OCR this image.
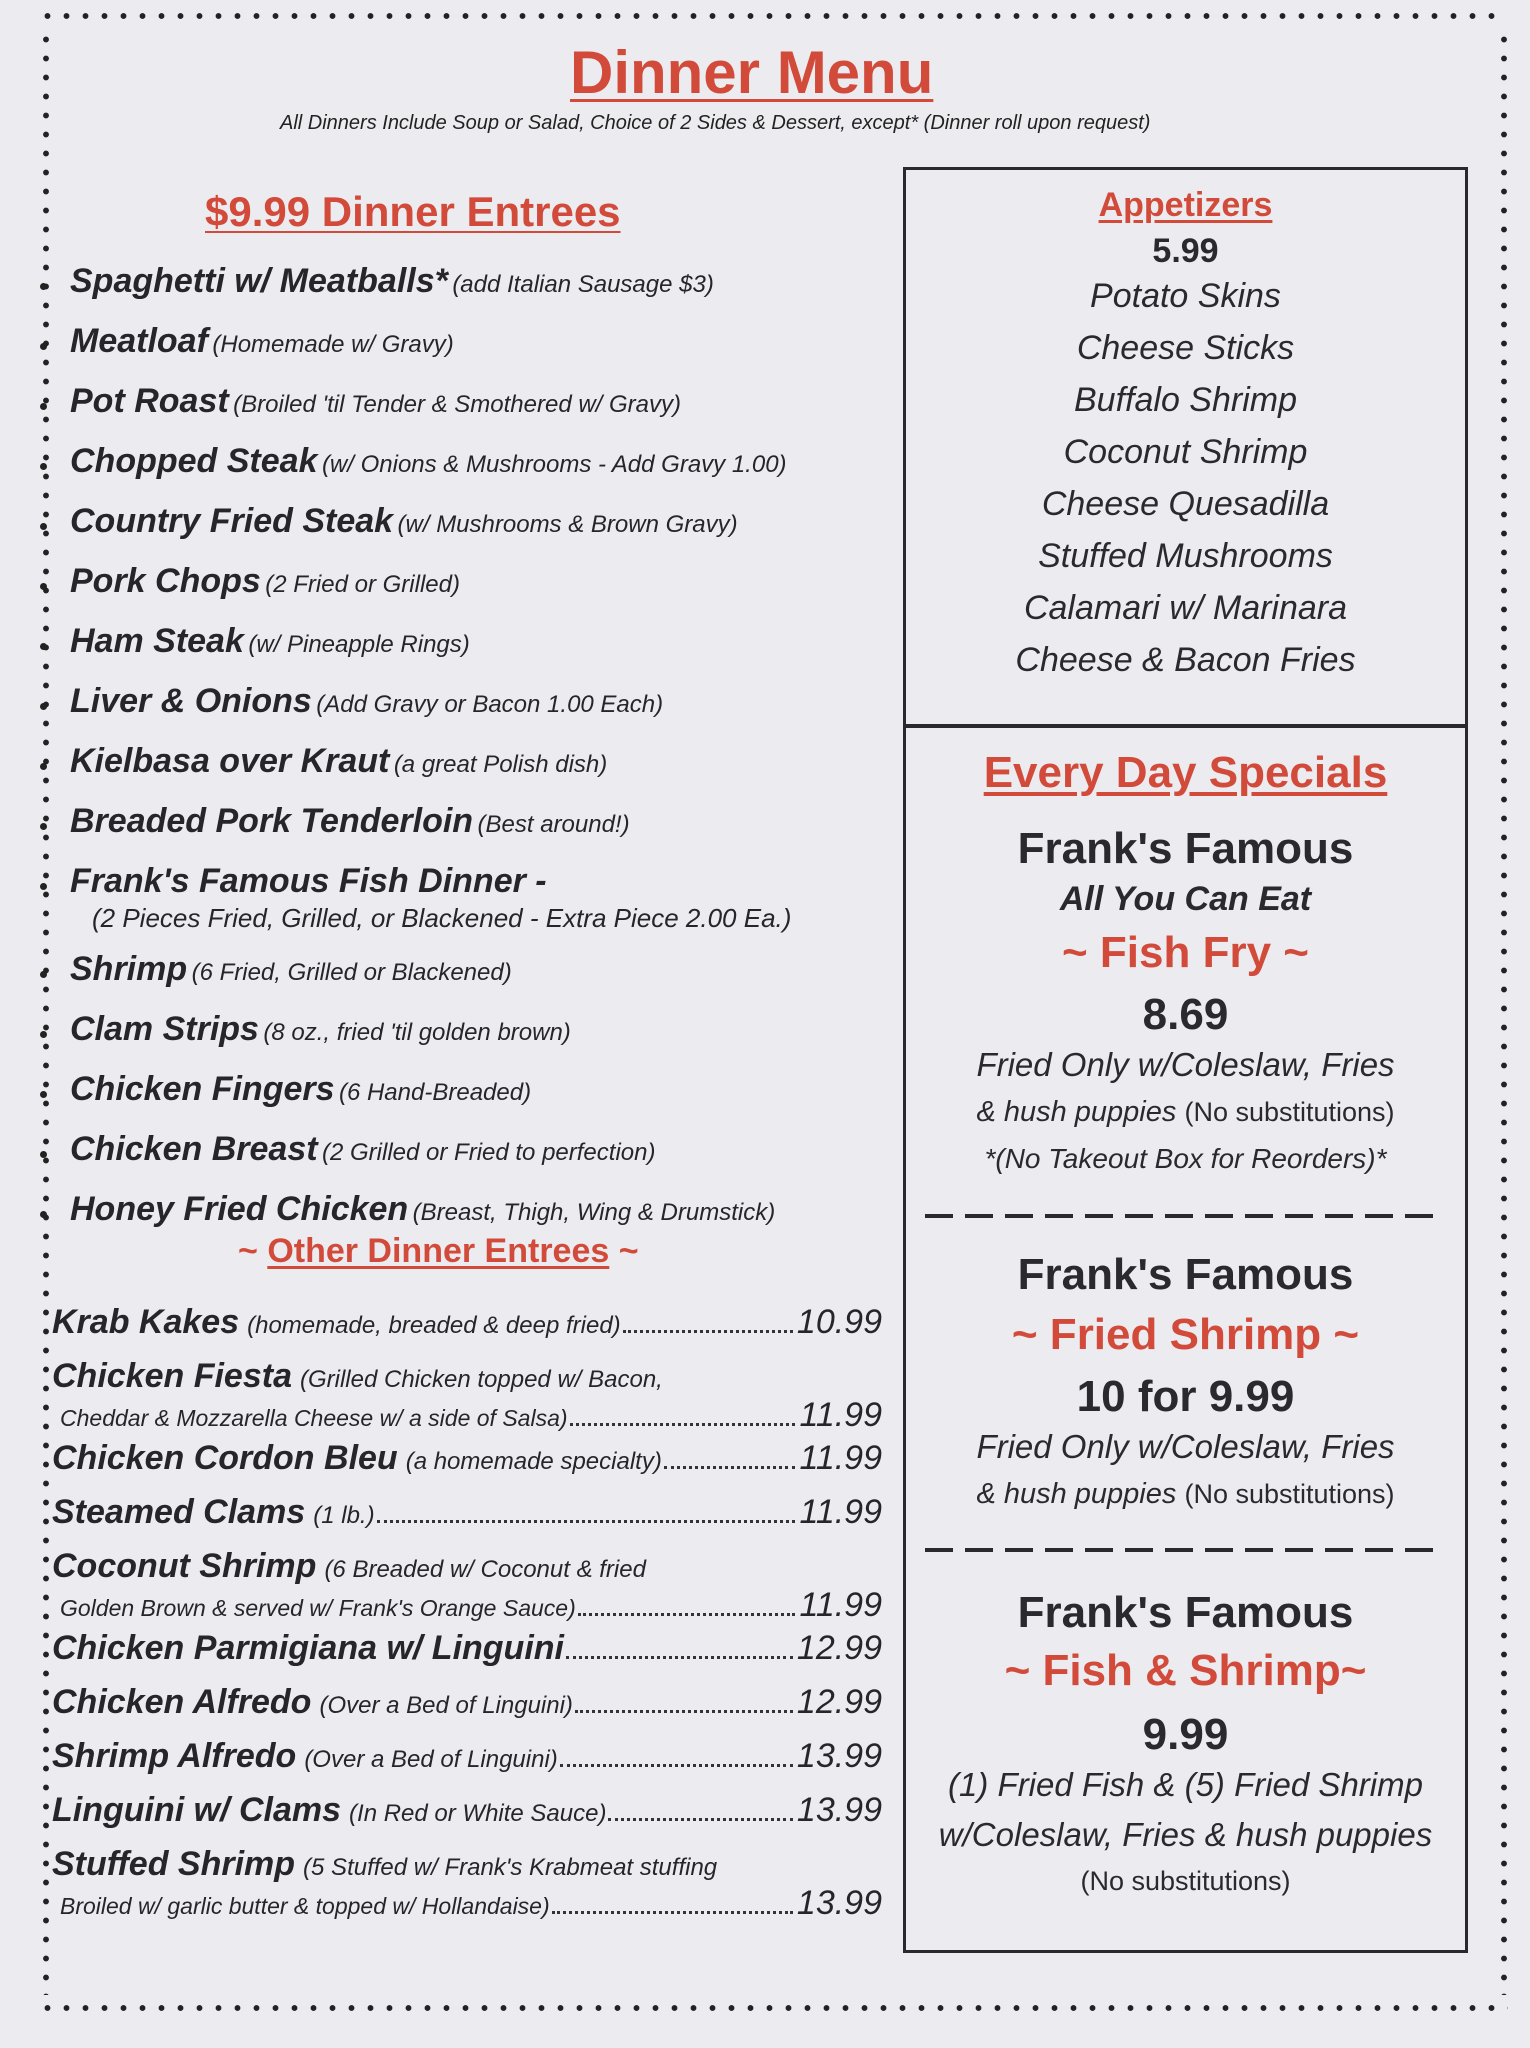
Dinner Menu
All Dinners Include Soup or Salad, Choice of 2 Sides & Dessert, except* (Dinner roll upon request)
$9.99 Dinner Entrees
Spaghetti w/ Meatballs* (add Italian Sausage $3)
Meatloaf (Homemade w/ Gravy)
Pot Roast (Broiled 'til Tender & Smothered w/ Gravy)
Chopped Steak (w/ Onions & Mushrooms - Add Gravy 1.00)
Country Fried Steak (w/ Mushrooms & Brown Gravy)
Pork Chops (2 Fried or Grilled)
Ham Steak (w/ Pineapple Rings)
Liver & Onions (Add Gravy or Bacon 1.00 Each)
Kielbasa over Kraut (a great Polish dish)
Breaded Pork Tenderloin (Best around!)
Frank's Famous Fish Dinner -
(2 Pieces Fried, Grilled, or Blackened - Extra Piece 2.00 Ea.)
Shrimp (6 Fried, Grilled or Blackened)
Clam Strips (8 oz., fried 'til golden brown)
Chicken Fingers (6 Hand-Breaded)
Chicken Breast (2 Grilled or Fried to perfection)
Honey Fried Chicken (Breast, Thigh, Wing & Drumstick)
~ Other Dinner Entrees ~
Krab Kakes (homemade, breaded & deep fried)	10.99
Chicken Fiesta (Grilled Chicken topped w/ Bacon,
Cheddar & Mozzarella Cheese w/ a side of Salsa)	11.99
Chicken Cordon Bleu (a homemade specialty)	11.99
Steamed Clams (1 lb.)	11.99
Coconut Shrimp (6 Breaded w/ Coconut & fried
Golden Brown & served w/ Frank's Orange Sauce)	11.99
Chicken Parmigiana w/ Linguini	12.99
Chicken Alfredo (Over a Bed of Linguini)	12.99
Shrimp Alfredo (Over a Bed of Linguini)	13.99
Linguini w/ Clams (In Red or White Sauce)	13.99
Stuffed Shrimp (5 Stuffed w/ Frank's Krabmeat stuffing
Broiled w/ garlic butter & topped w/ Hollandaise)	13.99
Appetizers
5.99
Potato Skins
Cheese Sticks
Buffalo Shrimp
Coconut Shrimp
Cheese Quesadilla
Stuffed Mushrooms
Calamari w/ Marinara
Cheese & Bacon Fries
Every Day Specials
Frank's Famous
All You Can Eat
~ Fish Fry ~
8.69
Fried Only w/Coleslaw, Fries
& hush puppies (No substitutions)
*(No Takeout Box for Reorders)*
Frank's Famous
~ Fried Shrimp ~
10 for 9.99
Fried Only w/Coleslaw, Fries
& hush puppies (No substitutions)
Frank's Famous
~ Fish & Shrimp~
9.99
(1) Fried Fish & (5) Fried Shrimp
w/Coleslaw, Fries & hush puppies
(No substitutions)
